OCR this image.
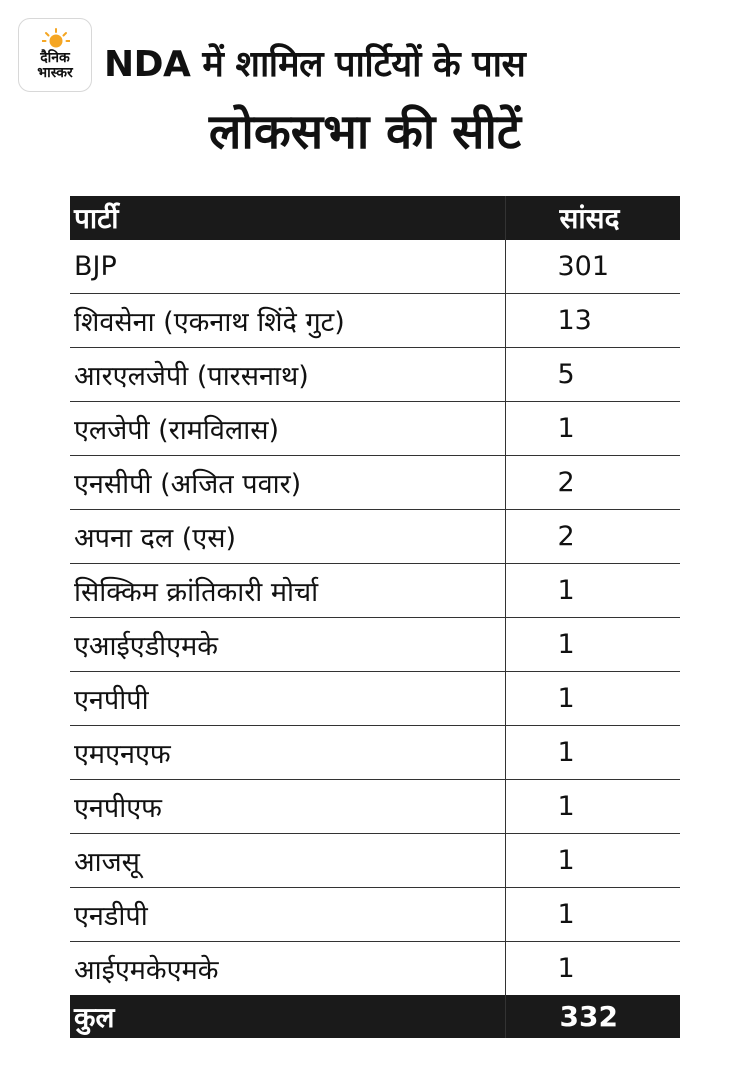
दैनिक
भास्कर NDA में शामिल पार्टियों के पास
लोकसभा की सीटें
पार्टी	सांसद
BJP	301
शिवसेना (एकनाथ शिंदे गुट)	13
आरएलजेपी (पारसनाथ)	5
एलजेपी (रामविलास)	1
एनसीपी (अजित पवार)	2
अपना दल (एस)	2
सिक्किम क्रांतिकारी मोर्चा	1
एआईएडीएमके	1
एनपीपी	1
एमएनएफ	1
एनपीएफ	1
आजसू	1
एनडीपी	1
आईएमकेएमके	1
कुल	332
